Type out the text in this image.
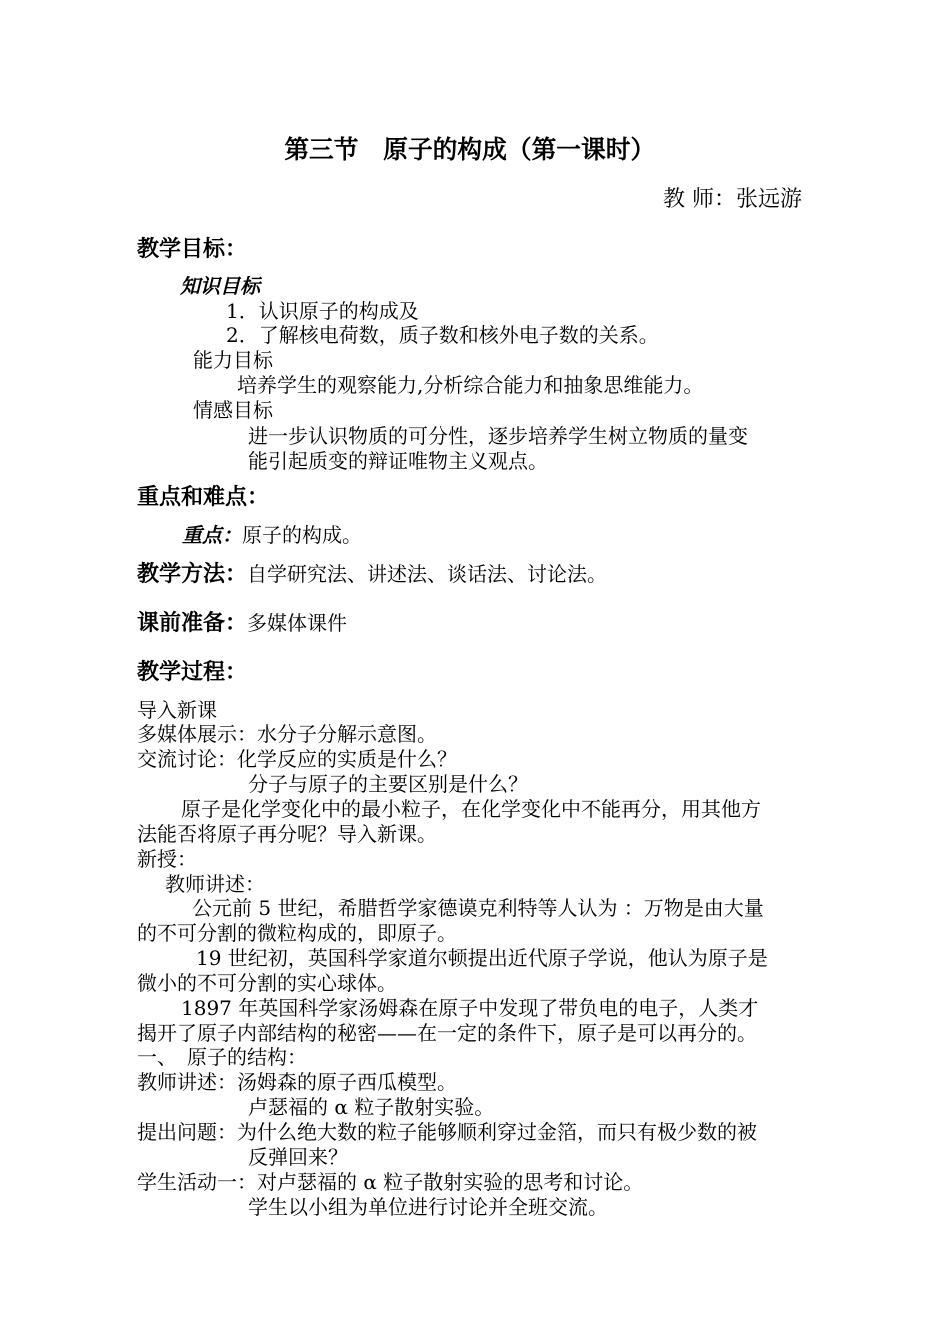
第三节　原子的构成（第一课时）
教 师：张远游
教学目标：
知识目标
1．认识原子的构成及
2．了解核电荷数，质子数和核外电子数的关系。
能力目标
培养学生的观察能力,分析综合能力和抽象思维能力。
情感目标
进一步认识物质的可分性，逐步培养学生树立物质的量变
能引起质变的辩证唯物主义观点。
重点和难点：
重点：原子的构成。
教学方法：自学研究法、讲述法、谈话法、讨论法。
课前准备：多媒体课件
教学过程：
导入新课
多媒体展示：水分子分解示意图。
交流讨论：化学反应的实质是什么？
分子与原子的主要区别是什么？
原子是化学变化中的最小粒子，在化学变化中不能再分，用其他方
法能否将原子再分呢？导入新课。
新授：
教师讲述：
公元前 5 世纪，希腊哲学家德谟克利特等人认为 ：万物是由大量
的不可分割的微粒构成的，即原子。
19 世纪初，英国科学家道尔顿提出近代原子学说，他认为原子是
微小的不可分割的实心球体。
1897 年英国科学家汤姆森在原子中发现了带负电的电子，人类才
揭开了原子内部结构的秘密——在一定的条件下，原子是可以再分的。
一、　原子的结构：
教师讲述：汤姆森的原子西瓜模型。
卢瑟福的 α 粒子散射实验。
提出问题：为什么绝大数的粒子能够顺利穿过金箔，而只有极少数的被
反弹回来？
学生活动一：对卢瑟福的 α 粒子散射实验的思考和讨论。
学生以小组为单位进行讨论并全班交流。
